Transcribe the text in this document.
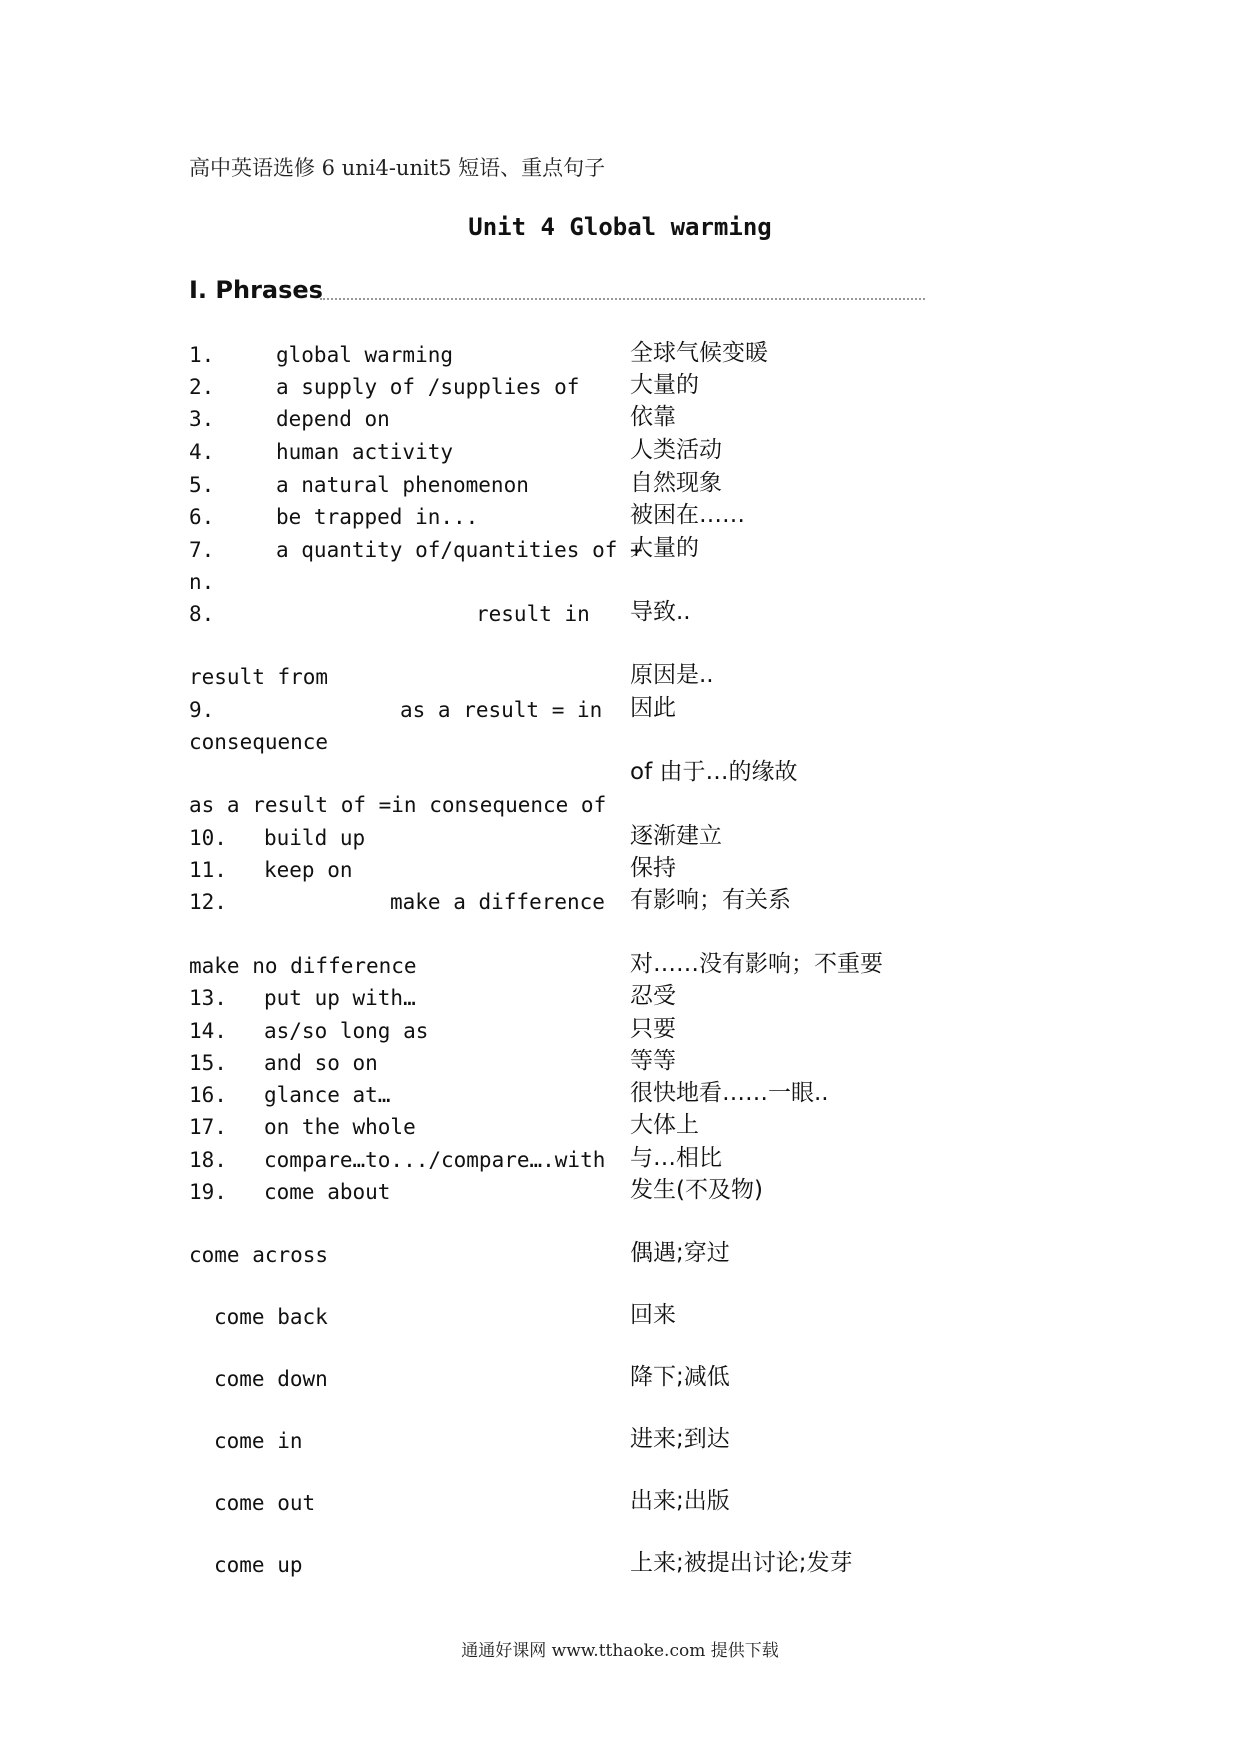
高中英语选修 6 uni4-unit5 短语、重点句子
Unit 4 Global warming
I. Phrases
1.
2.
3.
4.
5.
6.
7.
8.
9.
10.
11.
12.
13.
14.
15.
16.
17.
18.
19.
global warming
a supply of /supplies of
depend on
human activity
a natural phenomenon
be trapped in...
a quantity of/quantities of +
n.
result in
result from
as a result = in
consequence
as a result of =in consequence of
build up
keep on
make a difference
make no difference
put up with…
as/so long as
and so on
glance at…
on the whole
compare…to.../compare….with
come about
come across
come back
come down
come in
come out
come up
全球气候变暖
大量的
依靠
人类活动
自然现象
被困在……
大量的
导致..
原因是..
因此
of 由于…的缘故
逐渐建立
保持
有影响；有关系
对……没有影响；不重要
忍受
只要
等等
很快地看……一眼..
大体上
与…相比
发生(不及物)
偶遇;穿过
回来
降下;减低
进来;到达
出来;出版
上来;被提出讨论;发芽
通通好课网 www.tthaoke.com 提供下载
